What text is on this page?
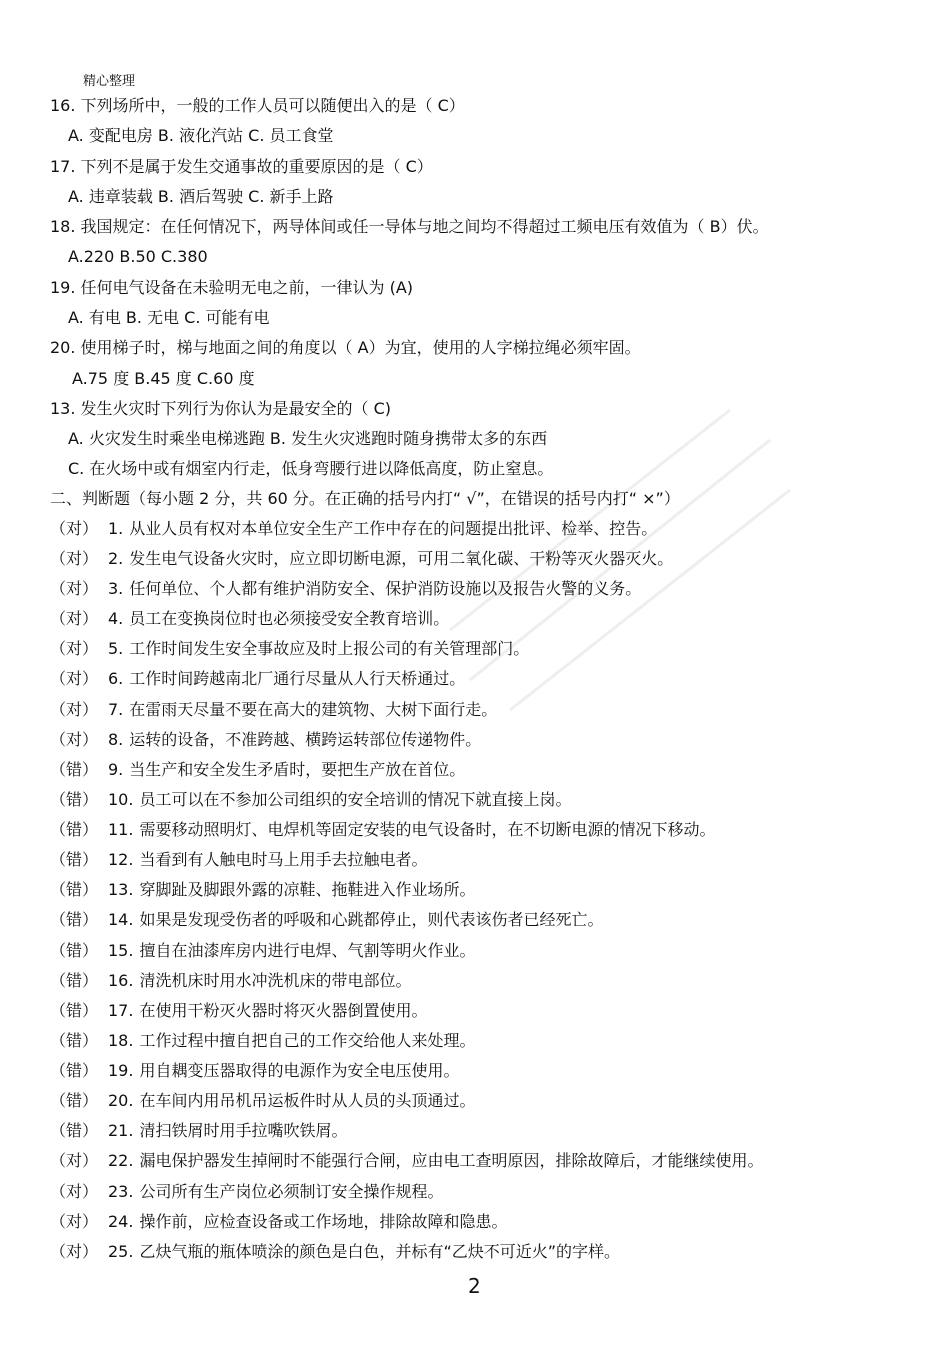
精心整理
16. 下列场所中，一般的工作人员可以随便出入的是（ C）
A. 变配电房 B. 液化汽站 C. 员工食堂
17. 下列不是属于发生交通事故的重要原因的是（ C）
A. 违章装载 B. 酒后驾驶 C. 新手上路
18. 我国规定：在任何情况下，两导体间或任一导体与地之间均不得超过工频电压有效值为（ B）伏。
A.220 B.50 C.380
19. 任何电气设备在未验明无电之前，一律认为 (A)
A. 有电 B. 无电 C. 可能有电
20. 使用梯子时，梯与地面之间的角度以（ A）为宜，使用的人字梯拉绳必须牢固。
A.75 度 B.45 度 C.60 度
13. 发生火灾时下列行为你认为是最安全的（ C)
A. 火灾发生时乘坐电梯逃跑 B. 发生火灾逃跑时随身携带太多的东西
C. 在火场中或有烟室内行走，低身弯腰行进以降低高度，防止窒息。
二、判断题（每小题 2 分，共 60 分。在正确的括号内打“ √”，在错误的括号内打“ ×”）
（对） 1. 从业人员有权对本单位安全生产工作中存在的问题提出批评、检举、控告。
（对） 2. 发生电气设备火灾时，应立即切断电源，可用二氧化碳、干粉等灭火器灭火。
（对） 3. 任何单位、个人都有维护消防安全、保护消防设施以及报告火警的义务。
（对） 4. 员工在变换岗位时也必须接受安全教育培训。
（对） 5. 工作时间发生安全事故应及时上报公司的有关管理部门。
（对） 6. 工作时间跨越南北厂通行尽量从人行天桥通过。
（对） 7. 在雷雨天尽量不要在高大的建筑物、大树下面行走。
（对） 8. 运转的设备，不准跨越、横跨运转部位传递物件。
（错） 9. 当生产和安全发生矛盾时，要把生产放在首位。
（错） 10. 员工可以在不参加公司组织的安全培训的情况下就直接上岗。
（错） 11. 需要移动照明灯、电焊机等固定安装的电气设备时，在不切断电源的情况下移动。
（错） 12. 当看到有人触电时马上用手去拉触电者。
（错） 13. 穿脚趾及脚跟外露的凉鞋、拖鞋进入作业场所。
（错） 14. 如果是发现受伤者的呼吸和心跳都停止，则代表该伤者已经死亡。
（错） 15. 擅自在油漆库房内进行电焊、气割等明火作业。
（错） 16. 清洗机床时用水冲洗机床的带电部位。
（错） 17. 在使用干粉灭火器时将灭火器倒置使用。
（错） 18. 工作过程中擅自把自己的工作交给他人来处理。
（错） 19. 用自耦变压器取得的电源作为安全电压使用。
（错） 20. 在车间内用吊机吊运板件时从人员的头顶通过。
（错） 21. 清扫铁屑时用手拉嘴吹铁屑。
（对） 22. 漏电保护器发生掉闸时不能强行合闸，应由电工查明原因，排除故障后，才能继续使用。
（对） 23. 公司所有生产岗位必须制订安全操作规程。
（对） 24. 操作前，应检查设备或工作场地，排除故障和隐患。
（对） 25. 乙炔气瓶的瓶体喷涂的颜色是白色，并标有“乙炔不可近火”的字样。
2
